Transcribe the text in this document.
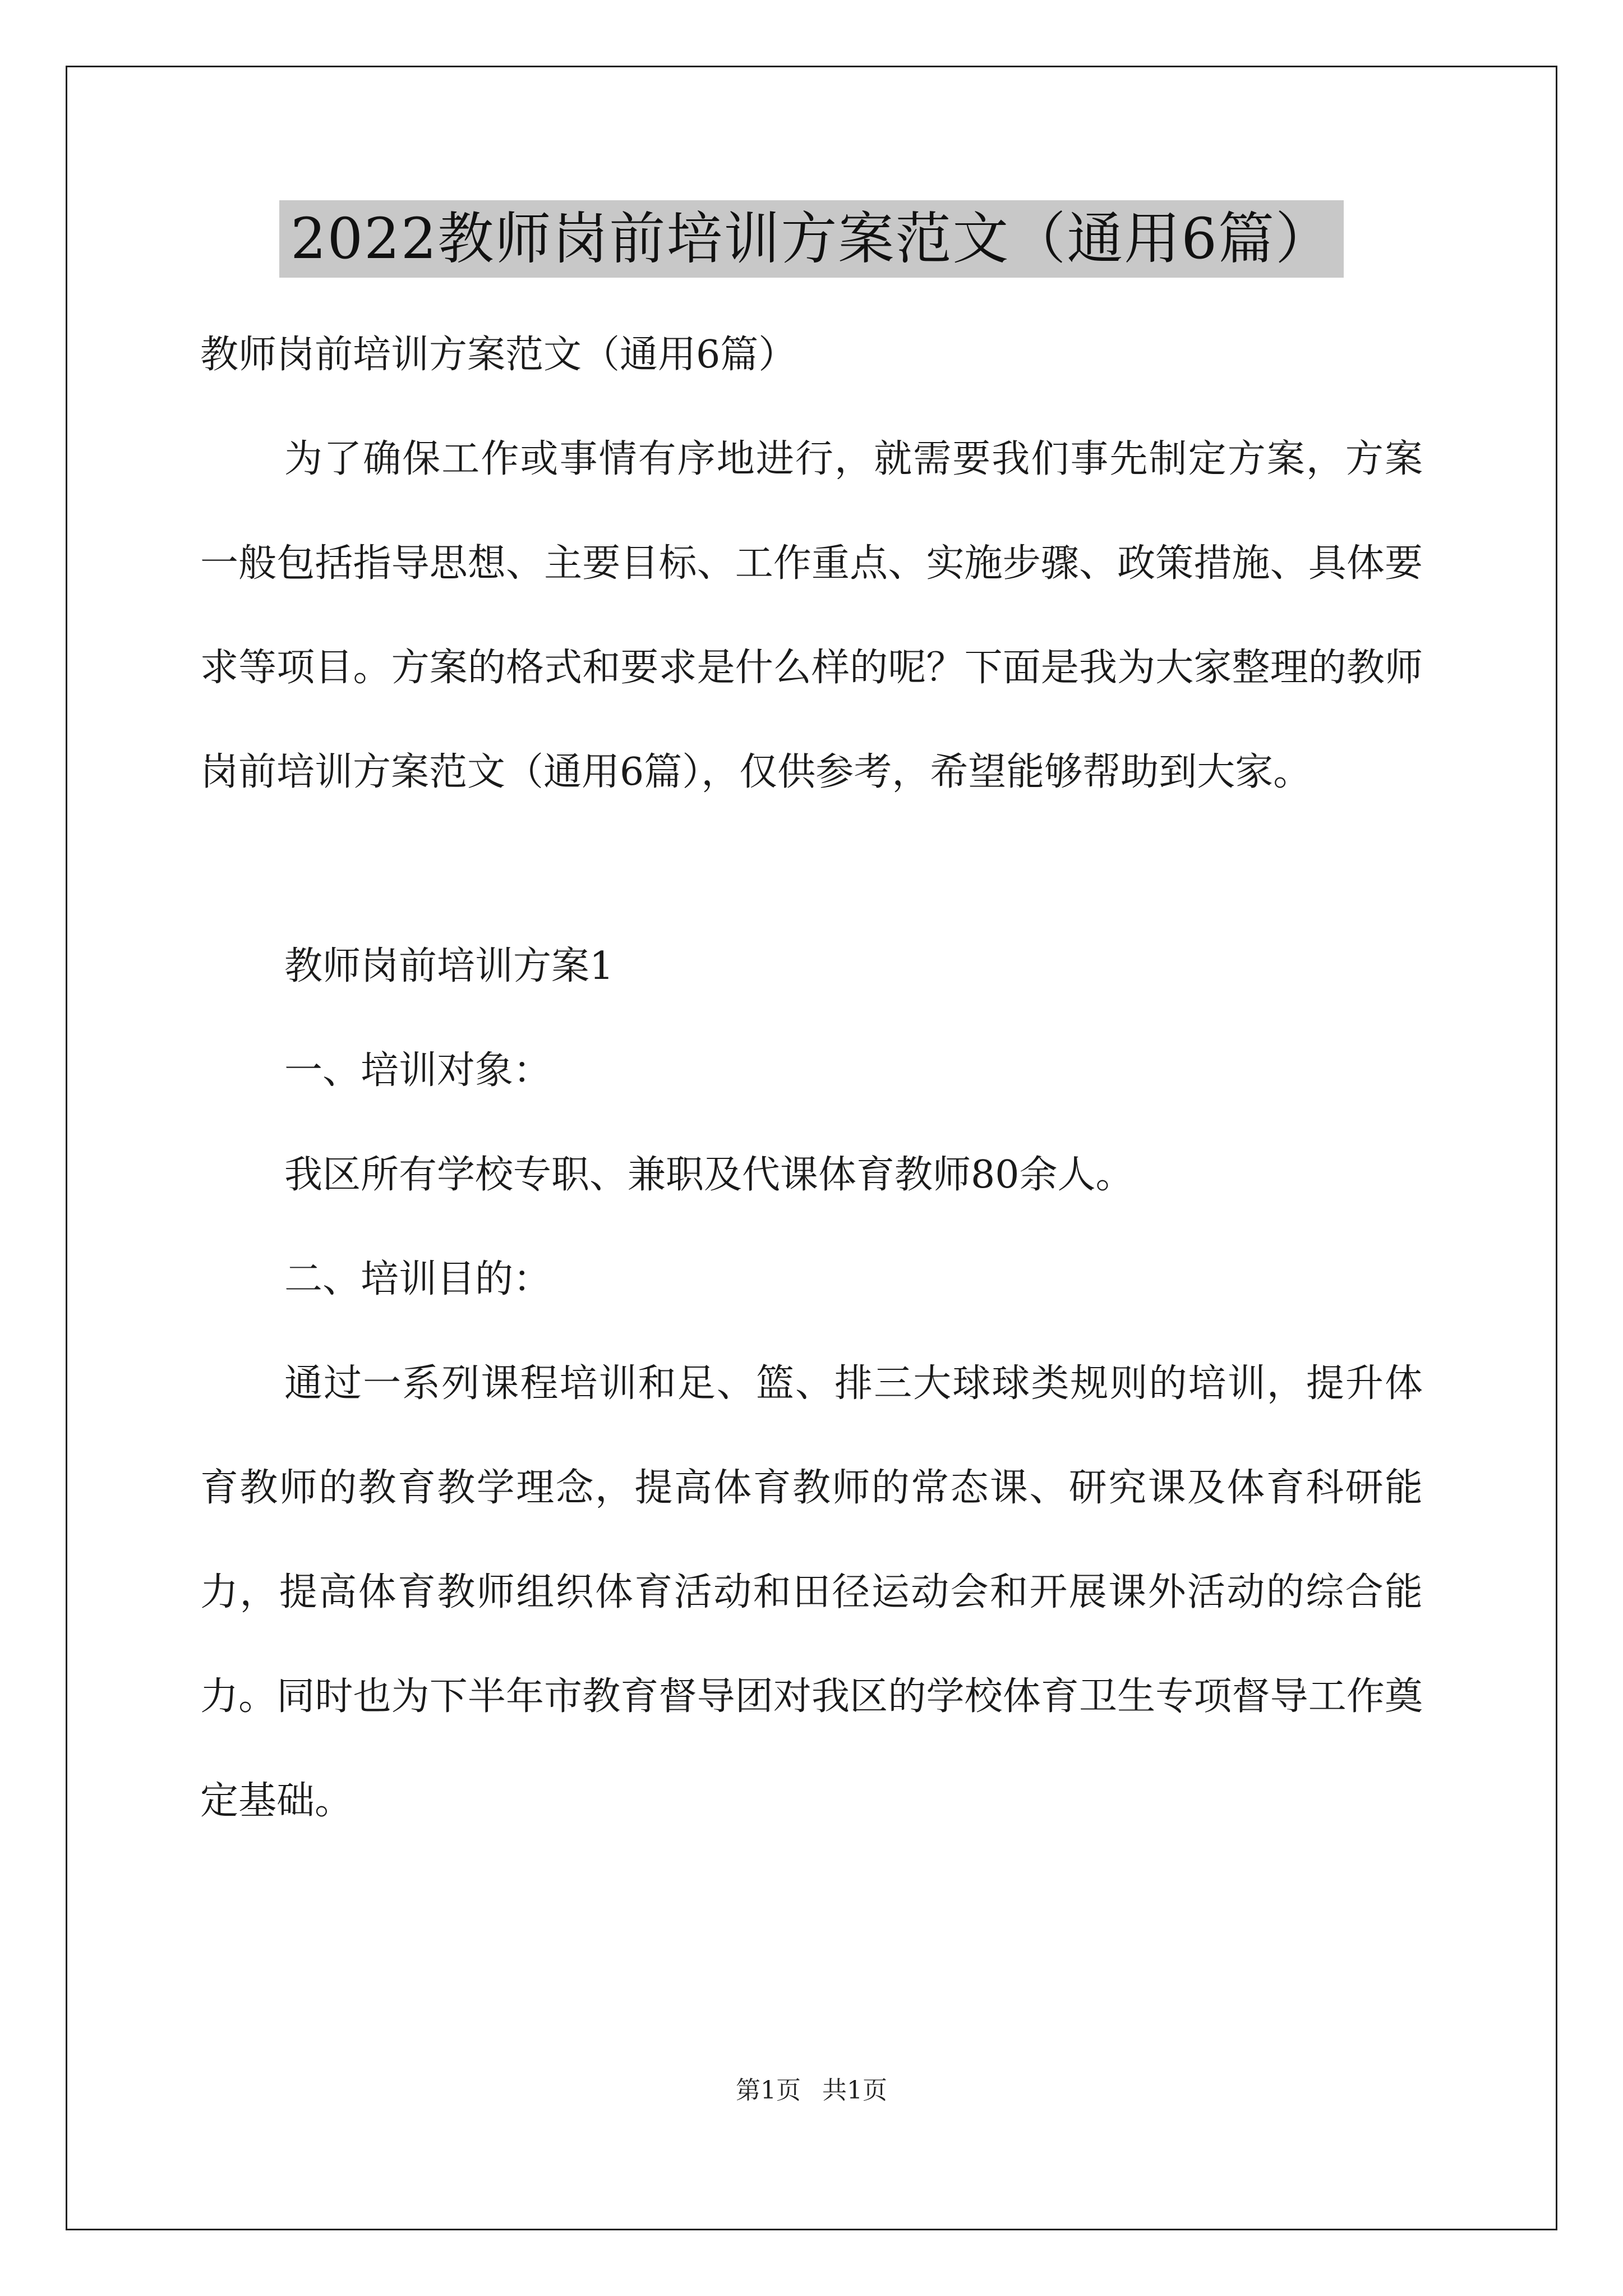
2022教师岗前培训方案范文（通用6篇）

教师岗前培训方案范文（通用6篇）

为了确保工作或事情有序地进行，就需要我们事先制定方案，方案一般包括指导思想、主要目标、工作重点、实施步骤、政策措施、具体要求等项目。方案的格式和要求是什么样的呢？下面是我为大家整理的教师岗前培训方案范文（通用6篇），仅供参考，希望能够帮助到大家。

教师岗前培训方案1

一、培训对象：

我区所有学校专职、兼职及代课体育教师80余人。

二、培训目的：

通过一系列课程培训和足、篮、排三大球球类规则的培训，提升体育教师的教育教学理念，提高体育教师的常态课、研究课及体育科研能力，提高体育教师组织体育活动和田径运动会和开展课外活动的综合能力。同时也为下半年市教育督导团对我区的学校体育卫生专项督导工作奠定基础。

第1页 共1页
